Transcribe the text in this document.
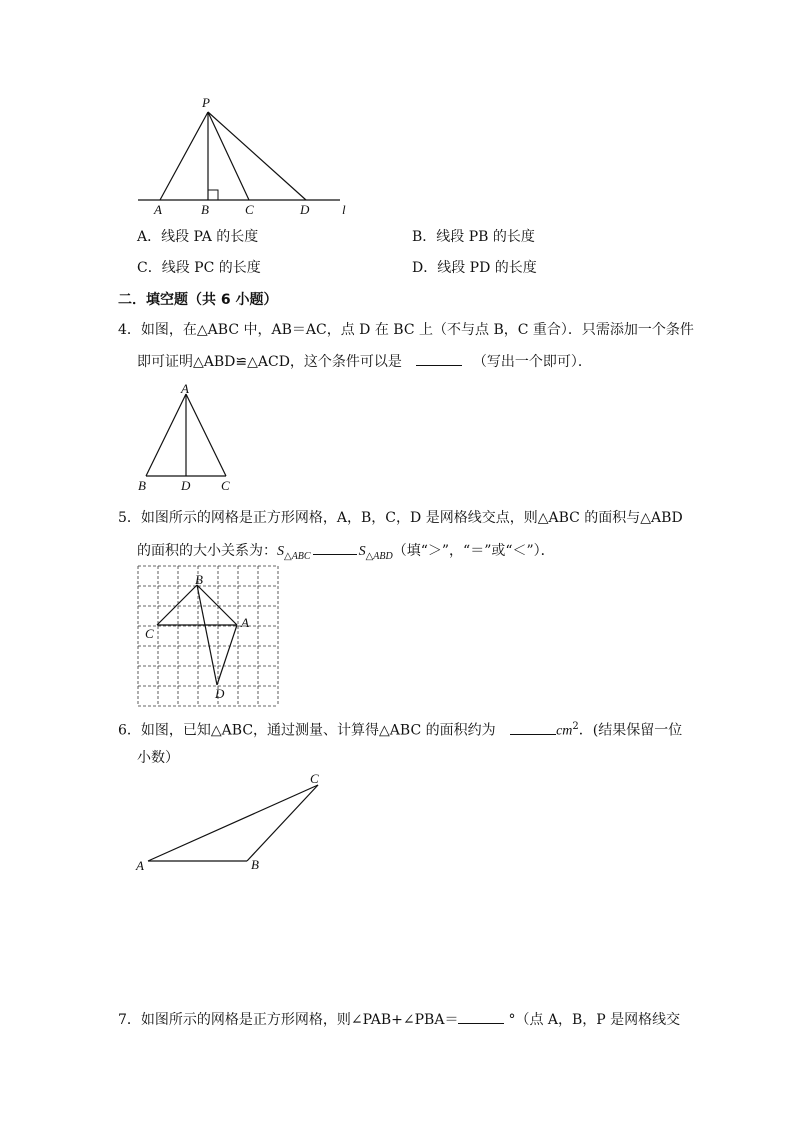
P
A	B	C	D	l
A．线段 PA 的长度	B．线段 PB 的长度
C．线段 PC 的长度	D．线段 PD 的长度
二．填空题（共 6 小题）
4．如图，在△ABC 中，AB＝AC，点 D 在 BC 上（不与点 B，C 重合）．只需添加一个条件
即可证明△ABD≌△ACD，这个条件可以是	（写出一个即可）．
A
B	D C
5．如图所示的网格是正方形网格，A，B，C，D 是网格线交点，则△ABC 的面积与△ABD
的面积的大小关系为：$S_{\triangle ABC}$	$S_{\triangle ABD}$（填“＞”，“＝”或“＜”）．
B
C
A
D
6．如图，已知△ABC，通过测量、计算得△ABC 的面积约为	$cm^2$．(结果保留一位
小数）
C
A	B
7．如图所示的网格是正方形网格，则∠PAB+∠PBA＝	°（点 A，B，P 是网格线交
